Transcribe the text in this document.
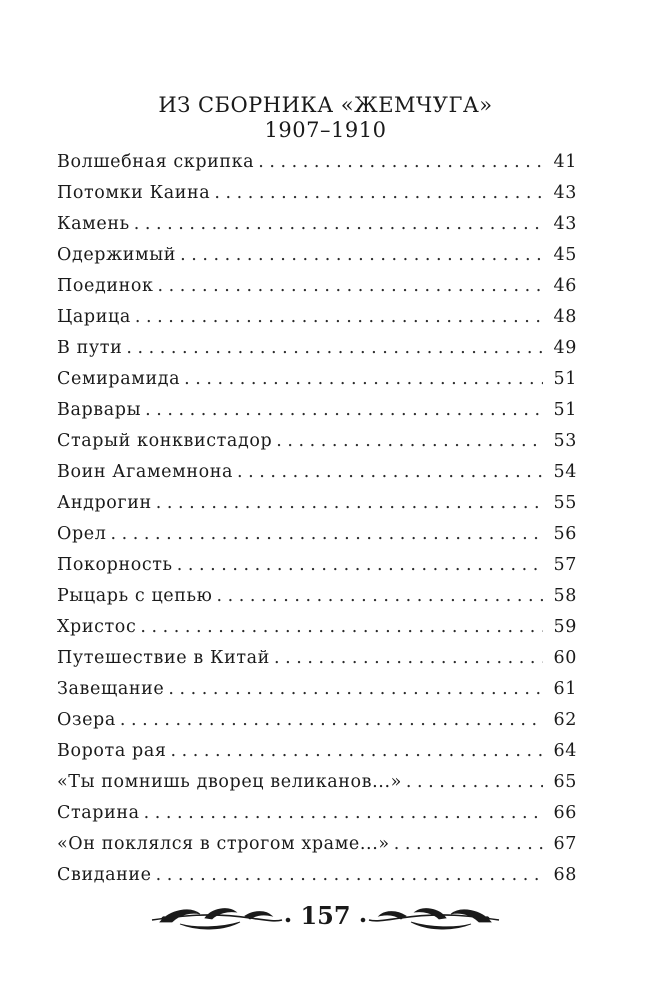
ИЗ СБОРНИКА «ЖЕМЧУГА»
1907–1910
Волшебная скрипка . . .	41
Потомки Каина . . .	43
Камень . . .	43
Одержимый . . .	45
Поединок . . .	46
Царица . . .	48
В пути . . .	49
Семирамида . . .	51
Варвары . . .	51
Старый конквистадор . . .	53
Воин Агамемнона . . .	54
Андрогин . . .	55
Орел . . .	56
Покорность . . .	57
Рыцарь с цепью . . .	58
Христос . . .	59
Путешествие в Китай . . .	60
Завещание . . .	61
Озера . . .	62
Ворота рая . . .	64
«Ты помнишь дворец великанов...» . . .	65
Старина . . .	66
«Он поклялся в строгом храме...» . . .	67
Свидание . . .	68
157
